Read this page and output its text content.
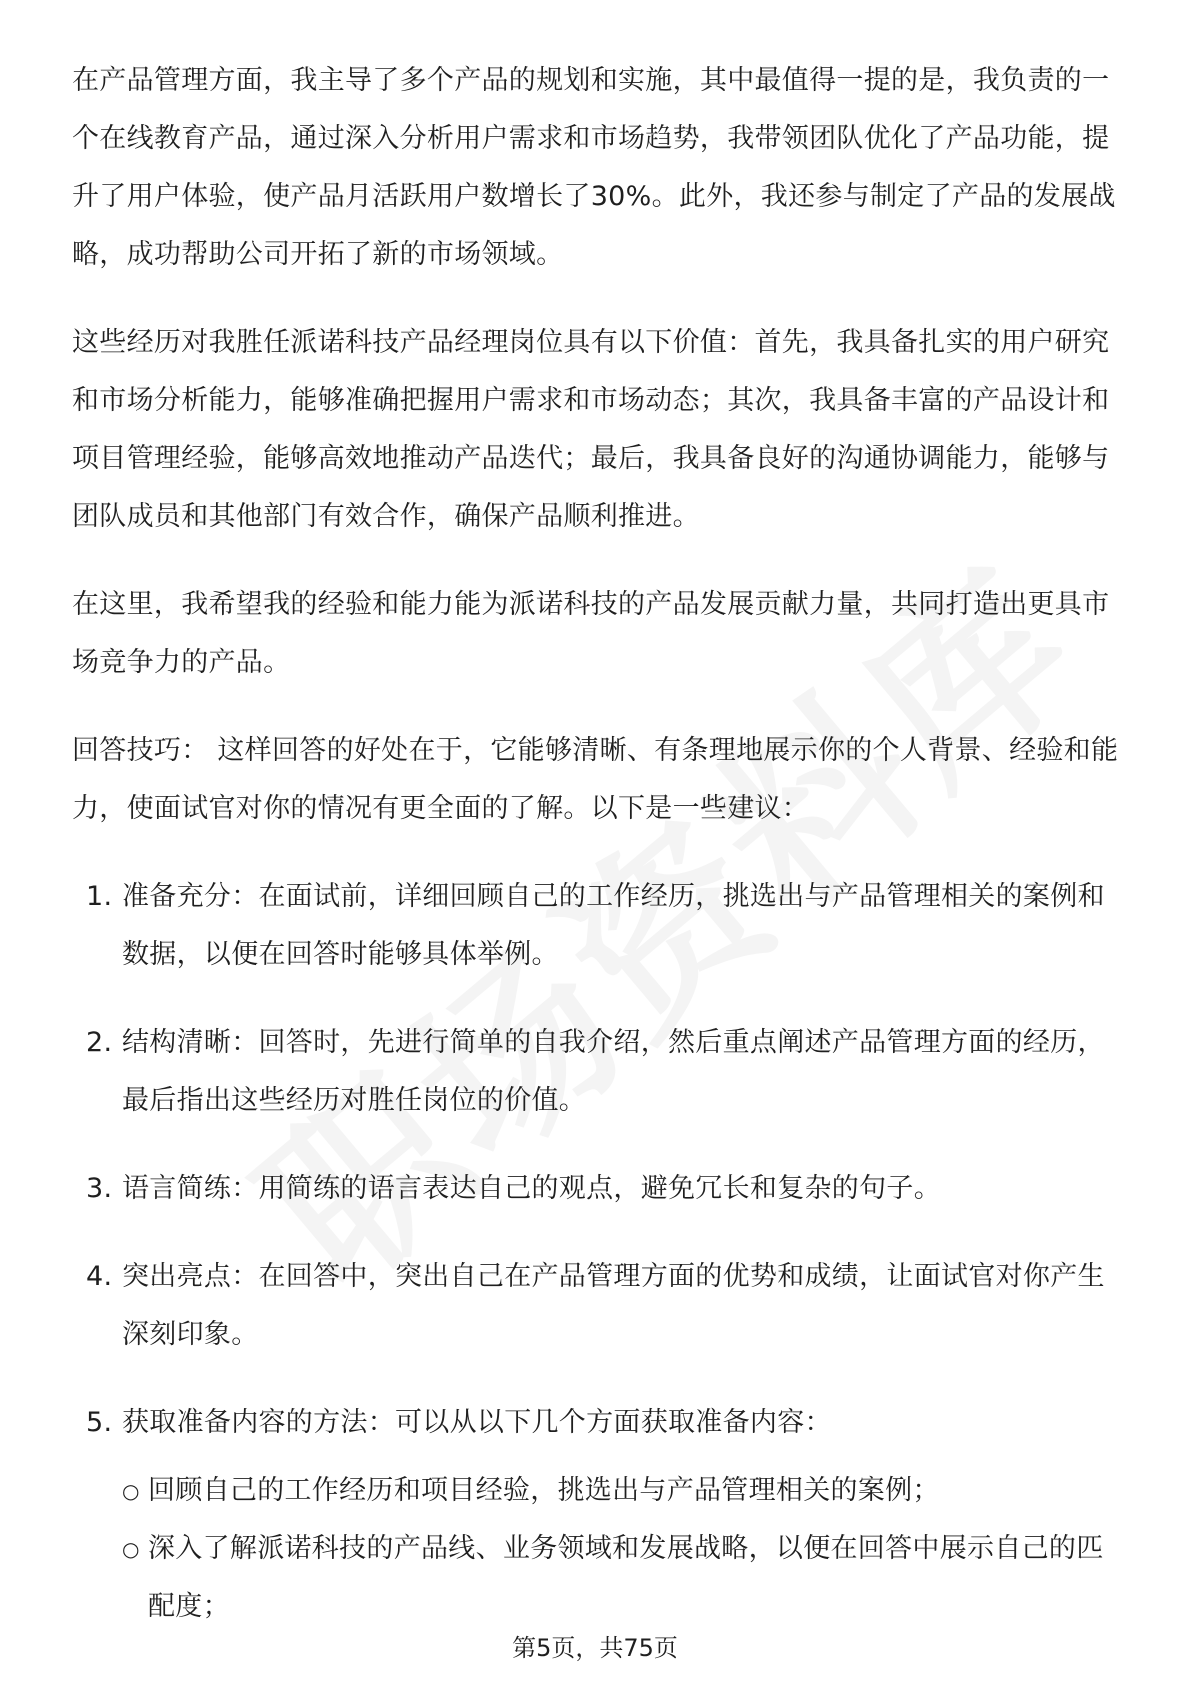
在产品管理方面，我主导了多个产品的规划和实施，其中最值得一提的是，我负责的一个在线教育产品，通过深入分析用户需求和市场趋势，我带领团队优化了产品功能，提升了用户体验，使产品月活跃用户数增长了30%。此外，我还参与制定了产品的发展战略，成功帮助公司开拓了新的市场领域。

这些经历对我胜任派诺科技产品经理岗位具有以下价值：首先，我具备扎实的用户研究和市场分析能力，能够准确把握用户需求和市场动态；其次，我具备丰富的产品设计和项目管理经验，能够高效地推动产品迭代；最后，我具备良好的沟通协调能力，能够与团队成员和其他部门有效合作，确保产品顺利推进。

在这里，我希望我的经验和能力能为派诺科技的产品发展贡献力量，共同打造出更具市场竞争力的产品。

回答技巧： 这样回答的好处在于，它能够清晰、有条理地展示你的个人背景、经验和能力，使面试官对你的情况有更全面的了解。以下是一些建议：

1. 准备充分：在面试前，详细回顾自己的工作经历，挑选出与产品管理相关的案例和数据，以便在回答时能够具体举例。
2. 结构清晰：回答时，先进行简单的自我介绍，然后重点阐述产品管理方面的经历，最后指出这些经历对胜任岗位的价值。
3. 语言简练：用简练的语言表达自己的观点，避免冗长和复杂的句子。
4. 突出亮点：在回答中，突出自己在产品管理方面的优势和成绩，让面试官对你产生深刻印象。
5. 获取准备内容的方法：可以从以下几个方面获取准备内容：
○ 回顾自己的工作经历和项目经验，挑选出与产品管理相关的案例；
○ 深入了解派诺科技的产品线、业务领域和发展战略，以便在回答中展示自己的匹配度；
第5页，共75页
